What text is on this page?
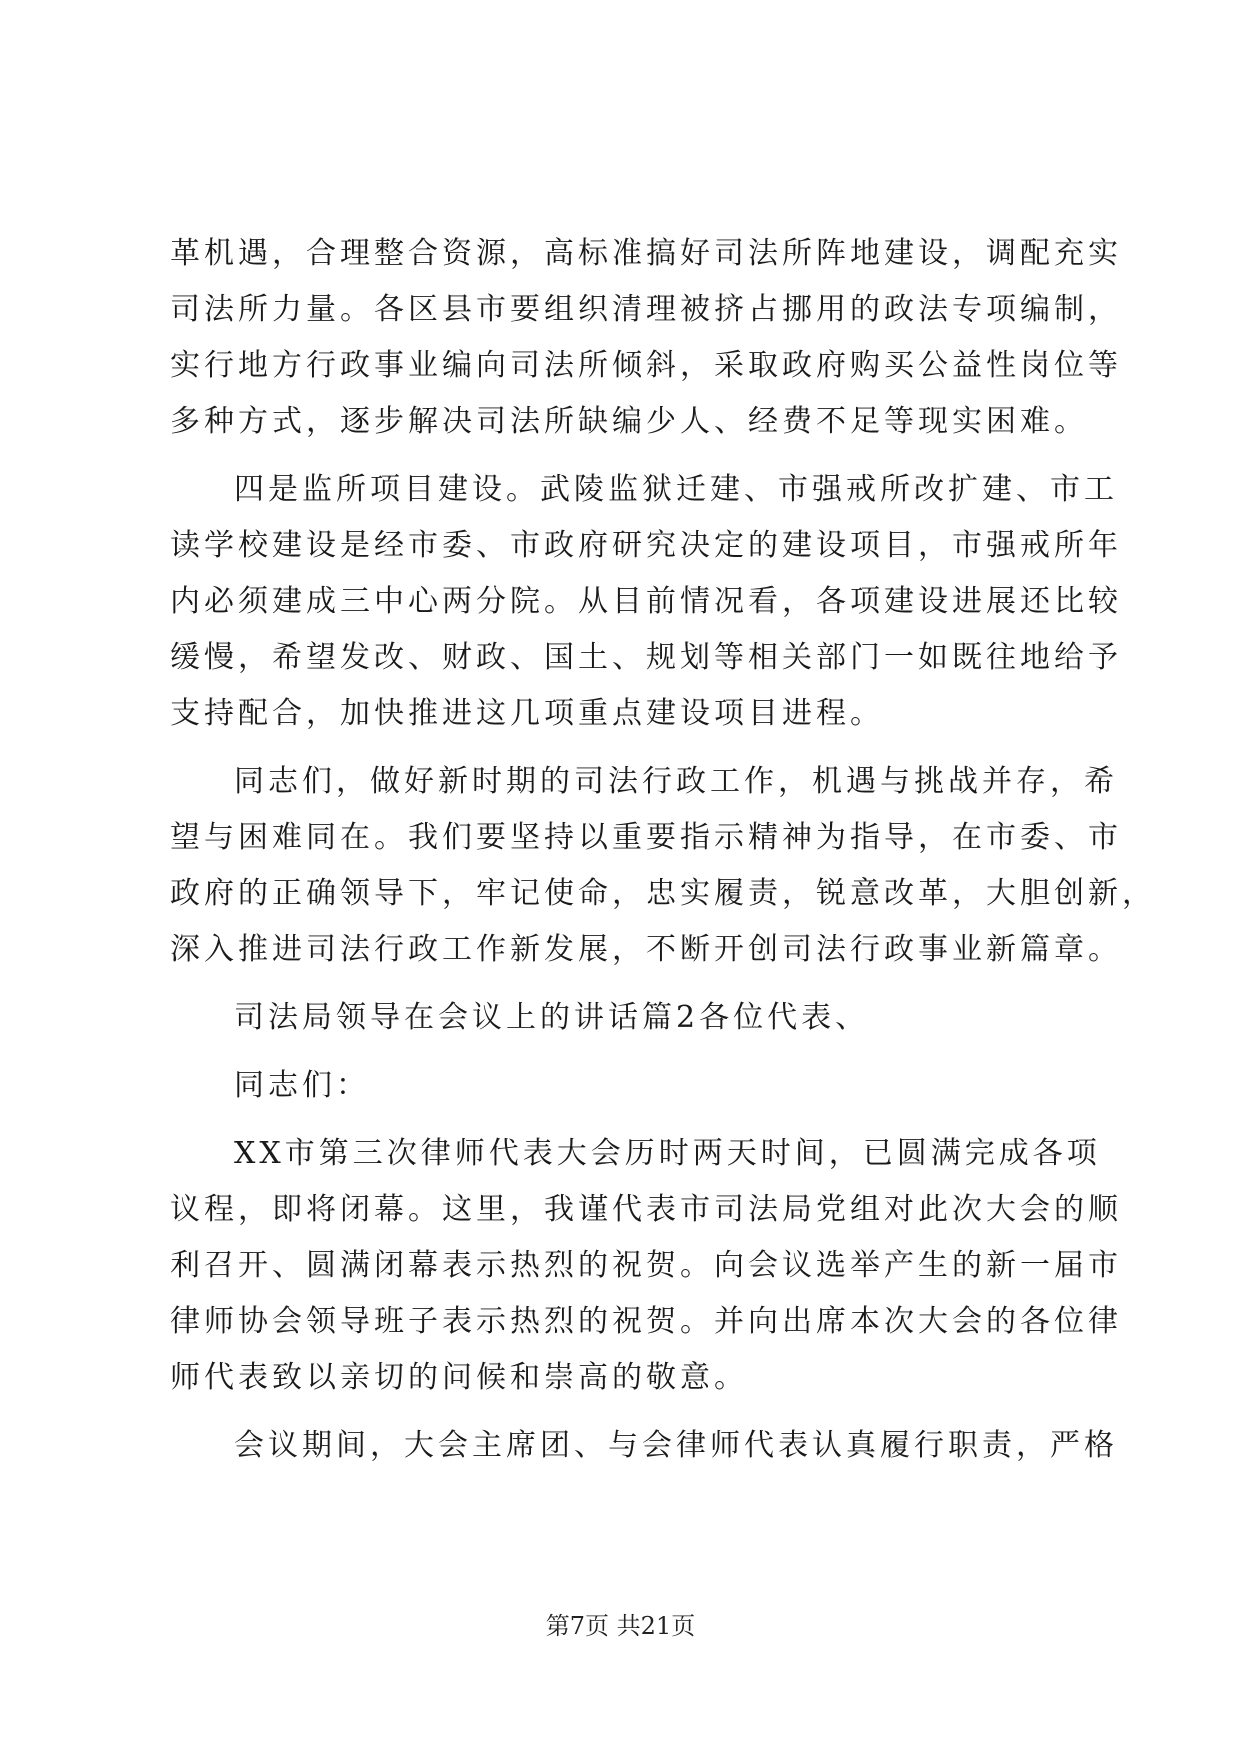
革机遇，合理整合资源，高标准搞好司法所阵地建设，调配充实
司法所力量。各区县市要组织清理被挤占挪用的政法专项编制，
实行地方行政事业编向司法所倾斜，采取政府购买公益性岗位等
多种方式，逐步解决司法所缺编少人、经费不足等现实困难。
四是监所项目建设。武陵监狱迁建、市强戒所改扩建、市工
读学校建设是经市委、市政府研究决定的建设项目，市强戒所年
内必须建成三中心两分院。从目前情况看，各项建设进展还比较
缓慢，希望发改、财政、国土、规划等相关部门一如既往地给予
支持配合，加快推进这几项重点建设项目进程。
同志们，做好新时期的司法行政工作，机遇与挑战并存，希
望与困难同在。我们要坚持以重要指示精神为指导，在市委、市
政府的正确领导下，牢记使命，忠实履责，锐意改革，大胆创新，
深入推进司法行政工作新发展，不断开创司法行政事业新篇章。
司法局领导在会议上的讲话篇2各位代表、
同志们：
XX市第三次律师代表大会历时两天时间，已圆满完成各项
议程，即将闭幕。这里，我谨代表市司法局党组对此次大会的顺
利召开、圆满闭幕表示热烈的祝贺。向会议选举产生的新一届市
律师协会领导班子表示热烈的祝贺。并向出席本次大会的各位律
师代表致以亲切的问候和崇高的敬意。
会议期间，大会主席团、与会律师代表认真履行职责，严格
第7页 共21页
